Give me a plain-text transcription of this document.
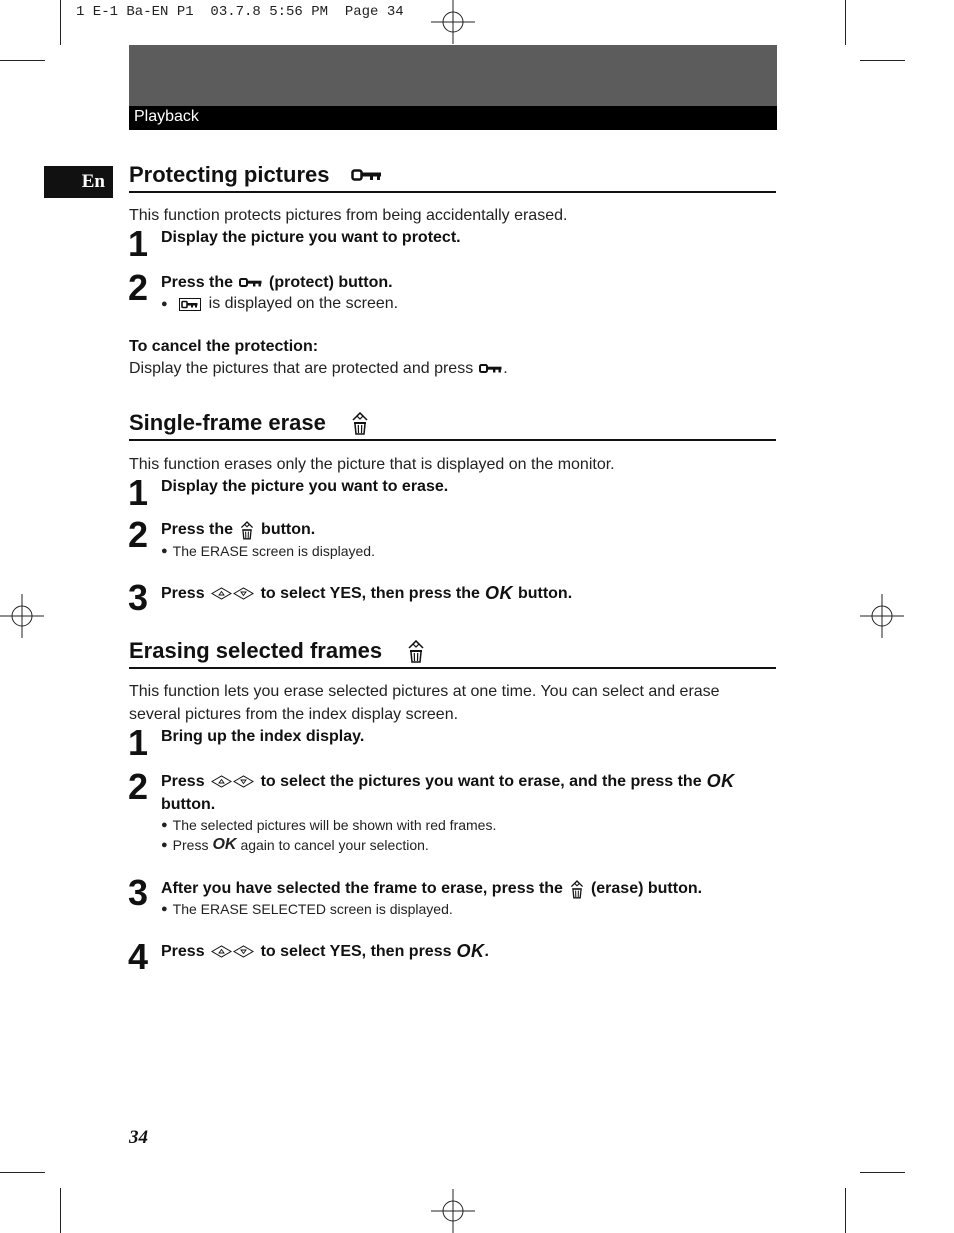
1 E-1 Ba-EN P1  03.7.8 5:56 PM  Page 34
Playback
En	Protecting pictures
This function protects pictures from being accidentally erased.
1 Display the picture you want to protect.
2 Press the (protect) button.
●	is displayed on the screen.
To cancel the protection:
Display the pictures that are protected and press .
Single-frame erase
This function erases only the picture that is displayed on the monitor.
1 Display the picture you want to erase.
2 Press the button.
● The ERASE screen is displayed.
3 Press	to select YES, then press the OK button.
Erasing selected frames
This function lets you erase selected pictures at one time. You can select and erase
several pictures from the index display screen.
1 Bring up the index display.
2 Press	to select the pictures you want to erase, and the press the OK
button.
● The selected pictures will be shown with red frames.
● Press OK again to cancel your selection.
3 After you have selected the frame to erase, press the (erase) button.
● The ERASE SELECTED screen is displayed.
4 Press	to select YES, then press OK .
34
